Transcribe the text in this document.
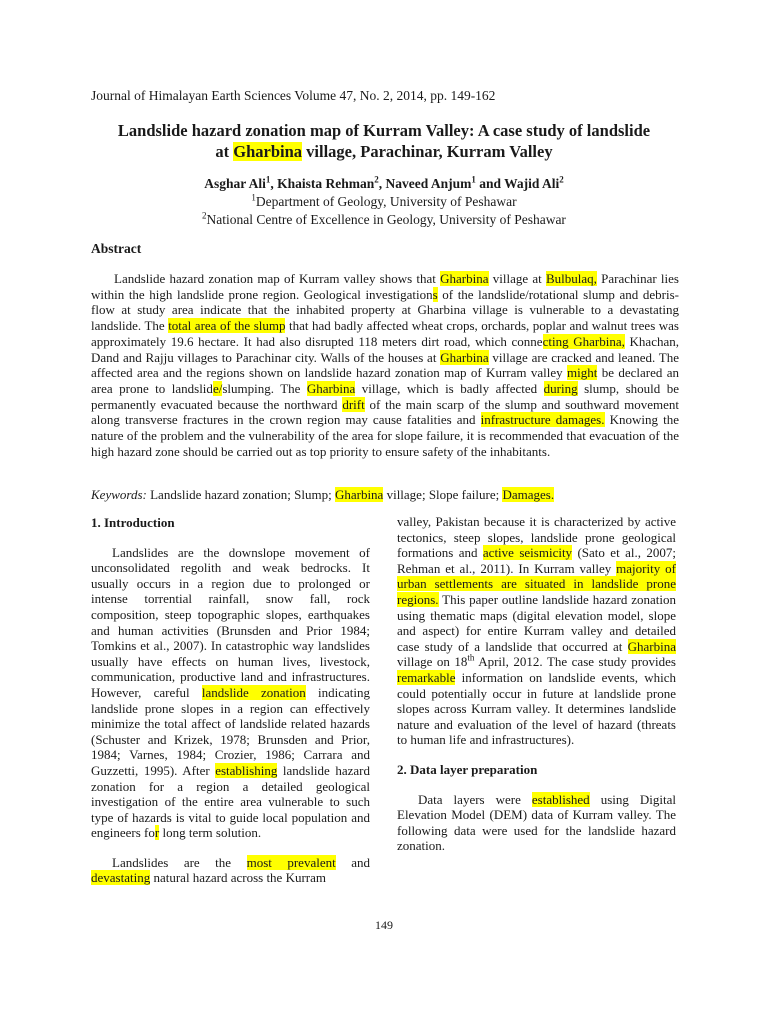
Journal of Himalayan Earth Sciences Volume 47, No. 2, 2014, pp. 149-162
Landslide hazard zonation map of Kurram Valley: A case study of landslide
at Gharbina village, Parachinar, Kurram Valley
Asghar Ali$^1$, Khaista Rehman$^2$, Naveed Anjum$^1$ and Wajid Ali$^2$
$^1$Department of Geology, University of Peshawar
$^2$National Centre of Excellence in Geology, University of Peshawar
Abstract
Landslide hazard zonation map of Kurram valley shows that Gharbina village at Bulbulaq, Parachinar lies within the high landslide prone region. Geological investigations of the landslide/rotational slump and debris-flow at study area indicate that the inhabited property at Gharbina village is vulnerable to a devastating landslide. The total area of the slump that had badly affected wheat crops, orchards, poplar and walnut trees was approximately 19.6 hectare. It had also disrupted 118 meters dirt road, which connecting Gharbina, Khachan, Dand and Rajju villages to Parachinar city. Walls of the houses at Gharbina village are cracked and leaned. The affected area and the regions shown on landslide hazard zonation map of Kurram valley might be declared an area prone to landslide/slumping. The Gharbina village, which is badly affected during slump, should be permanently evacuated because the northward drift of the main scarp of the slump and southward movement along transverse fractures in the crown region may cause fatalities and infrastructure damages. Knowing the nature of the problem and the vulnerability of the area for slope failure, it is recommended that evacuation of the high hazard zone should be carried out as top priority to ensure safety of the inhabitants.
Keywords: Landslide hazard zonation; Slump; Gharbina village; Slope failure; Damages.
1. Introduction

Landslides are the downslope movement of unconsolidated regolith and weak bedrocks. It usually occurs in a region due to prolonged or intense torrential rainfall, snow fall, rock composition, steep topographic slopes, earthquakes and human activities (Brunsden and Prior 1984; Tomkins et al., 2007). In catastrophic way landslides usually have effects on human lives, livestock, communication, productive land and infrastructures. However, careful landslide zonation indicating landslide prone slopes in a region can effectively minimize the total affect of landslide related hazards (Schuster and Krizek, 1978; Brunsden and Prior, 1984; Varnes, 1984; Crozier, 1986; Carrara and Guzzetti, 1995). After establishing landslide hazard zonation for a region a detailed geological investigation of the entire area vulnerable to such type of hazards is vital to guide local population and engineers for long term solution.

Landslides are the most prevalent and devastating natural hazard across the Kurram

valley, Pakistan because it is characterized by active tectonics, steep slopes, landslide prone geological formations and active seismicity (Sato et al., 2007; Rehman et al., 2011). In Kurram valley majority of urban settlements are situated in landslide prone regions. This paper outline landslide hazard zonation using thematic maps (digital elevation model, slope and aspect) for entire Kurram valley and detailed case study of a landslide that occurred at Gharbina village on 18th April, 2012. The case study provides remarkable information on landslide events, which could potentially occur in future at landslide prone slopes across Kurram valley. It determines landslide nature and evaluation of the level of hazard (threats to human life and infrastructures).

2. Data layer preparation

Data layers were established using Digital Elevation Model (DEM) data of Kurram valley. The following data were used for the landslide hazard zonation.

149
